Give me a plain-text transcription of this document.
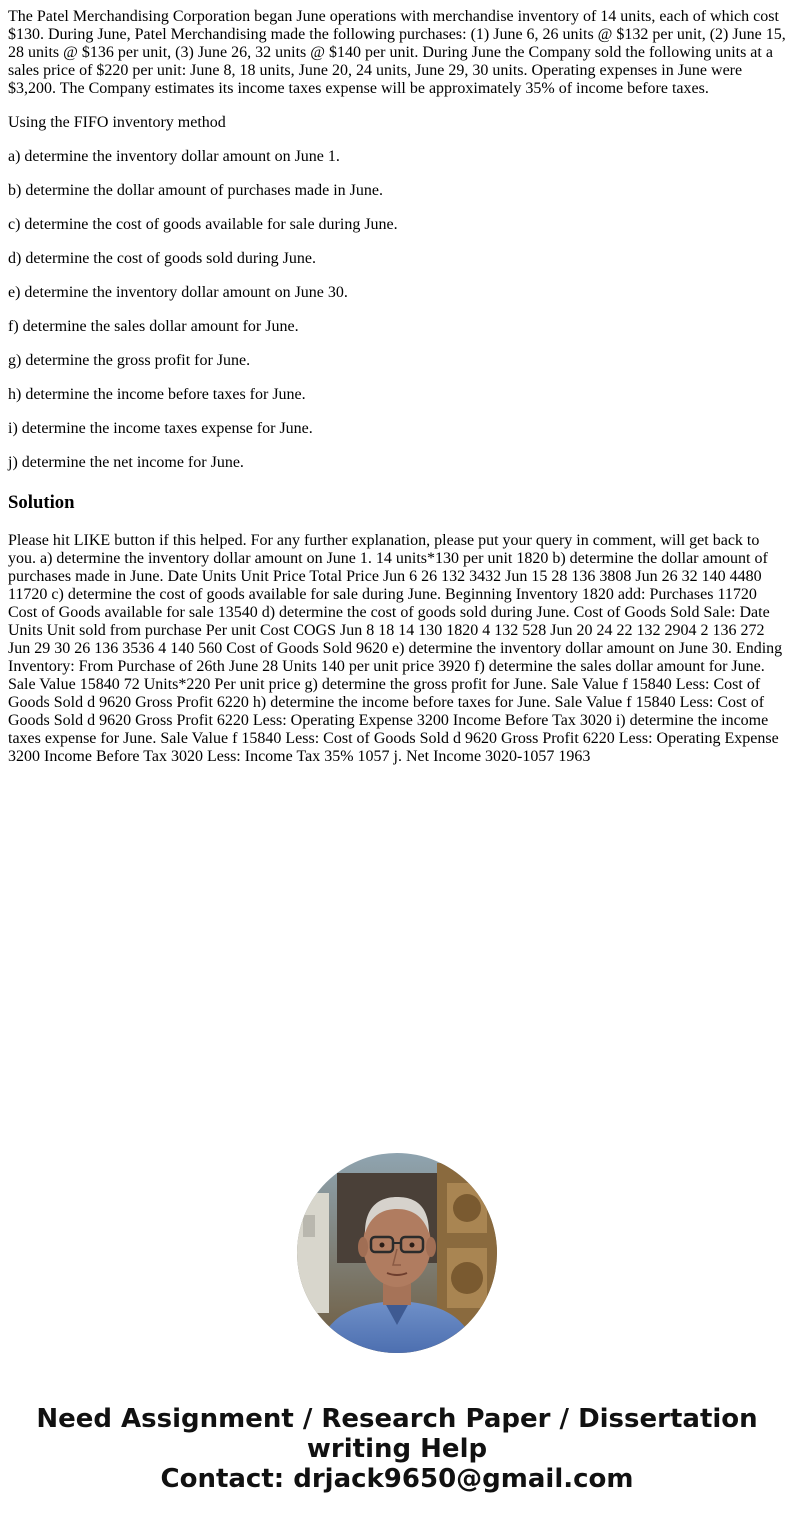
The Patel Merchandising Corporation began June operations with merchandise inventory of 14 units, each of which cost $130. During June, Patel Merchandising made the following purchases: (1) June 6, 26 units @ $132 per unit, (2) June 15, 28 units @ $136 per unit, (3) June 26, 32 units @ $140 per unit. During June the Company sold the following units at a sales price of $220 per unit: June 8, 18 units, June 20, 24 units, June 29, 30 units. Operating expenses in June were $3,200. The Company estimates its income taxes expense will be approximately 35% of income before taxes.

Using the FIFO inventory method

a) determine the inventory dollar amount on June 1.

b) determine the dollar amount of purchases made in June.

c) determine the cost of goods available for sale during June.

d) determine the cost of goods sold during June.

e) determine the inventory dollar amount on June 30.

f) determine the sales dollar amount for June.

g) determine the gross profit for June.

h) determine the income before taxes for June.

i) determine the income taxes expense for June.

j) determine the net income for June.

Solution

Please hit LIKE button if this helped. For any further explanation, please put your query in comment, will get back to you. a) determine the inventory dollar amount on June 1. 14 units*130 per unit 1820 b) determine the dollar amount of purchases made in June. Date Units Unit Price Total Price Jun 6 26 132 3432 Jun 15 28 136 3808 Jun 26 32 140 4480 11720 c) determine the cost of goods available for sale during June. Beginning Inventory 1820 add: Purchases 11720 Cost of Goods available for sale 13540 d) determine the cost of goods sold during June. Cost of Goods Sold Sale: Date Units Unit sold from purchase Per unit Cost COGS Jun 8 18 14 130 1820 4 132 528 Jun 20 24 22 132 2904 2 136 272 Jun 29 30 26 136 3536 4 140 560 Cost of Goods Sold 9620 e) determine the inventory dollar amount on June 30. Ending Inventory: From Purchase of 26th June 28 Units 140 per unit price 3920 f) determine the sales dollar amount for June. Sale Value 15840 72 Units*220 Per unit price g) determine the gross profit for June. Sale Value f 15840 Less: Cost of Goods Sold d 9620 Gross Profit 6220 h) determine the income before taxes for June. Sale Value f 15840 Less: Cost of Goods Sold d 9620 Gross Profit 6220 Less: Operating Expense 3200 Income Before Tax 3020 i) determine the income taxes expense for June. Sale Value f 15840 Less: Cost of Goods Sold d 9620 Gross Profit 6220 Less: Operating Expense 3200 Income Before Tax 3020 Less: Income Tax 35% 1057 j. Net Income 3020-1057 1963

Need Assignment / Research Paper / Dissertation
writing Help
Contact: drjack9650@gmail.com
